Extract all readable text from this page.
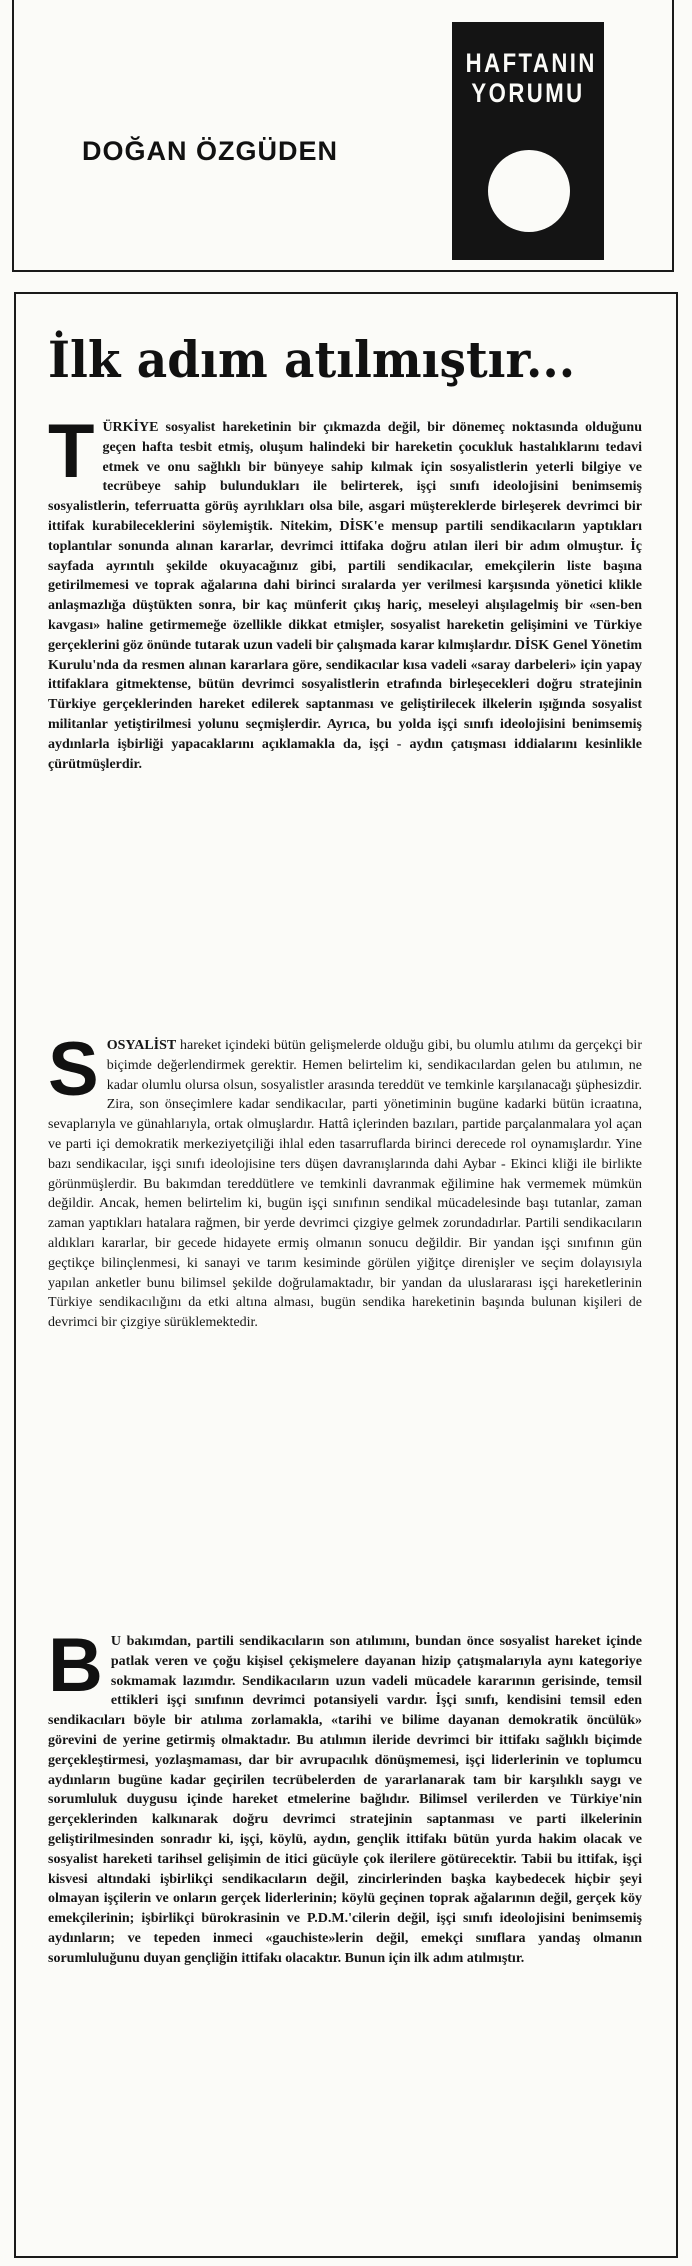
DOĞAN ÖZGÜDEN
HAFTANIN
YORUMU
İlk adım atılmıştır...
TÜRKİYE sosyalist hareketinin bir çıkmazda değil, bir dönemeç noktasında olduğunu geçen hafta tesbit etmiş, oluşum halindeki bir hareketin çocukluk hastalıklarını tedavi etmek ve onu sağlıklı bir bünyeye sahip kılmak için sosyalistlerin yeterli bilgiye ve tecrübeye sahip bulundukları ile belirterek, işçi sınıfı ideolojisini benimsemiş sosyalistlerin, teferruatta görüş ayrılıkları olsa bile, asgari müştereklerde birleşerek devrimci bir ittifak kurabileceklerini söylemiştik. Nitekim, DİSK'e mensup partili sendikacıların yaptıkları toplantılar sonunda alınan kararlar, devrimci ittifaka doğru atılan ileri bir adım olmuştur. İç sayfada ayrıntılı şekilde okuyacağınız gibi, partili sendikacılar, emekçilerin liste başına getirilmemesi ve toprak ağalarına dahi birinci sıralarda yer verilmesi karşısında yönetici klikle anlaşmazlığa düştükten sonra, bir kaç münferit çıkış hariç, meseleyi alışılagelmiş bir «sen-ben kavgası» haline getirmemeğe özellikle dikkat etmişler, sosyalist hareketin gelişimini ve Türkiye gerçeklerini göz önünde tutarak uzun vadeli bir çalışmada karar kılmışlardır. DİSK Genel Yönetim Kurulu'nda da resmen alınan kararlara göre, sendikacılar kısa vadeli «saray darbeleri» için yapay ittifaklara gitmektense, bütün devrimci sosyalistlerin etrafında birleşecekleri doğru stratejinin Türkiye gerçeklerinden hareket edilerek saptanması ve geliştirilecek ilkelerin ışığında sosyalist militanlar yetiştirilmesi yolunu seçmişlerdir. Ayrıca, bu yolda işçi sınıfı ideolojisini benimsemiş aydınlarla işbirliği yapacaklarını açıklamakla da, işçi - aydın çatışması iddialarını kesinlikle çürütmüşlerdir.
SOSYALİST hareket içindeki bütün gelişmelerde olduğu gibi, bu olumlu atılımı da gerçekçi bir biçimde değerlendirmek gerektir. Hemen belirtelim ki, sendikacılardan gelen bu atılımın, ne kadar olumlu olursa olsun, sosyalistler arasında tereddüt ve temkinle karşılanacağı şüphesizdir. Zira, son önseçimlere kadar sendikacılar, parti yönetiminin bugüne kadarki bütün icraatına, sevaplarıyla ve günahlarıyla, ortak olmuşlardır. Hattâ içlerinden bazıları, partide parçalanmalara yol açan ve parti içi demokratik merkeziyetçiliği ihlal eden tasarruflarda birinci derecede rol oynamışlardır. Yine bazı sendikacılar, işçi sınıfı ideolojisine ters düşen davranışlarında dahi Aybar - Ekinci kliği ile birlikte görünmüşlerdir. Bu bakımdan tereddütlere ve temkinli davranmak eğilimine hak vermemek mümkün değildir. Ancak, hemen belirtelim ki, bugün işçi sınıfının sendikal mücadelesinde başı tutanlar, zaman zaman yaptıkları hatalara rağmen, bir yerde devrimci çizgiye gelmek zorundadırlar. Partili sendikacıların aldıkları kararlar, bir gecede hidayete ermiş olmanın sonucu değildir. Bir yandan işçi sınıfının gün geçtikçe bilinçlenmesi, ki sanayi ve tarım kesiminde görülen yiğitçe direnişler ve seçim dolayısıyla yapılan anketler bunu bilimsel şekilde doğrulamaktadır, bir yandan da uluslararası işçi hareketlerinin Türkiye sendikacılığını da etki altına alması, bugün sendika hareketinin başında bulunan kişileri de devrimci bir çizgiye sürüklemektedir.
B U bakımdan, partili sendikacıların son atılımını, bundan önce sosyalist hareket içinde patlak veren ve çoğu kişisel çekişmelere dayanan hizip çatışmalarıyla aynı kategoriye sokmamak lazımdır. Sendikacıların uzun vadeli mücadele kararının gerisinde, temsil ettikleri işçi sınıfının devrimci potansiyeli vardır. İşçi sınıfı, kendisini temsil eden sendikacıları böyle bir atılıma zorlamakla, «tarihi ve bilime dayanan demokratik öncülük» görevini de yerine getirmiş olmaktadır. Bu atılımın ileride devrimci bir ittifakı sağlıklı biçimde gerçekleştirmesi, yozlaşmaması, dar bir avrupacılık dönüşmemesi, işçi liderlerinin ve toplumcu aydınların bugüne kadar geçirilen tecrübelerden de yararlanarak tam bir karşılıklı saygı ve sorumluluk duygusu içinde hareket etmelerine bağlıdır. Bilimsel verilerden ve Türkiye'nin gerçeklerinden kalkınarak doğru devrimci stratejinin saptanması ve parti ilkelerinin geliştirilmesinden sonradır ki, işçi, köylü, aydın, gençlik ittifakı bütün yurda hakim olacak ve sosyalist hareketi tarihsel gelişimin de itici gücüyle çok ilerilere götürecektir. Tabii bu ittifak, işçi kisvesi altındaki işbirlikçi sendikacıların değil, zincirlerinden başka kaybedecek hiçbir şeyi olmayan işçilerin ve onların gerçek liderlerinin; köylü geçinen toprak ağalarının değil, gerçek köy emekçilerinin; işbirlikçi bürokrasinin ve P.D.M.'cilerin değil, işçi sınıfı ideolojisini benimsemiş aydınların; ve tepeden inmeci «gauchiste»lerin değil, emekçi sınıflara yandaş olmanın sorumluluğunu duyan gençliğin ittifakı olacaktır. Bunun için ilk adım atılmıştır.
